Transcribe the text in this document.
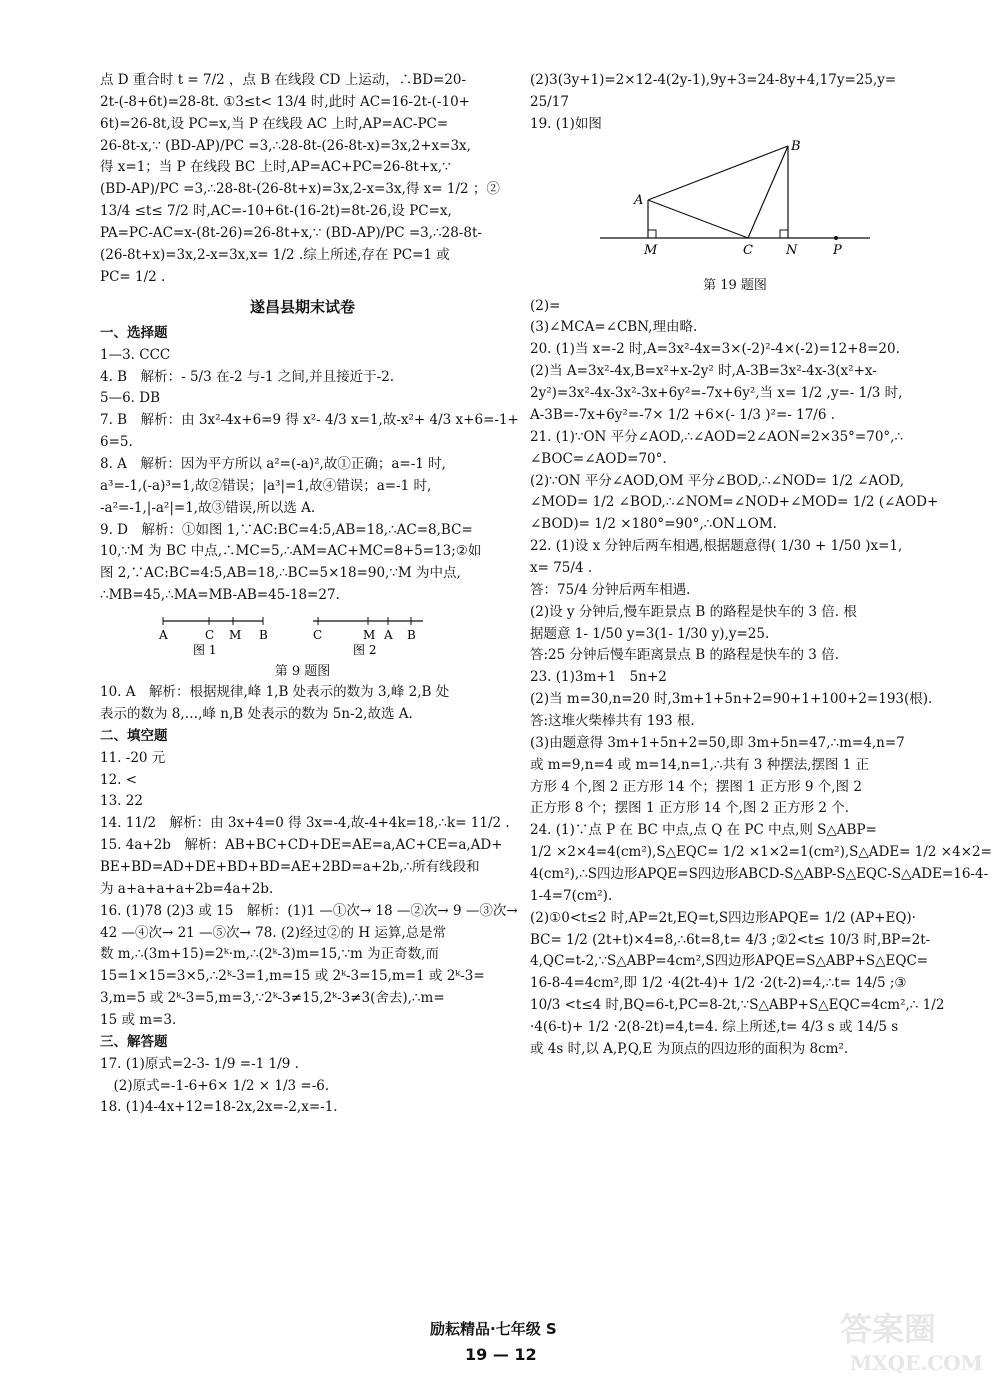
点 D 重合时 t = 7/2 ，点 B 在线段 CD 上运动，∴BD=20-
2t-(-8+6t)=28-8t. ①3≤t< 13/4 时,此时 AC=16-2t-(-10+
6t)=26-8t,设 PC=x,当 P 在线段 AC 上时,AP=AC-PC=
26-8t-x,∵ (BD-AP)/PC =3,∴28-8t-(26-8t-x)=3x,2+x=3x,
得 x=1；当 P 在线段 BC 上时,AP=AC+PC=26-8t+x,∵
(BD-AP)/PC =3,∴28-8t-(26-8t+x)=3x,2-x=3x,得 x= 1/2 ；②
13/4 ≤t≤ 7/2 时,AC=-10+6t-(16-2t)=8t-26,设 PC=x,
PA=PC-AC=x-(8t-26)=26-8t+x,∵ (BD-AP)/PC =3,∴28-8t-
(26-8t+x)=3x,2-x=3x,x= 1/2 .综上所述,存在 PC=1 或
PC= 1/2 .
遂昌县期末试卷
一、选择题
1—3. CCC
4. B　解析：- 5/3 在-2 与-1 之间,并且接近于-2.
5—6. DB
7. B　解析：由 3x²-4x+6=9 得 x²- 4/3 x=1,故-x²+ 4/3 x+6=-1+
6=5.
8. A　解析：因为平方所以 a²=(-a)²,故①正确；a=-1 时,
a³=-1,(-a)³=1,故②错误；|a³|=1,故④错误；a=-1 时,
-a²=-1,|-a²|=1,故③错误,所以选 A.
9. D　解析：①如图 1,∵AC:BC=4:5,AB=18,∴AC=8,BC=
10,∵M 为 BC 中点,∴MC=5,∴AM=AC+MC=8+5=13;②如
图 2,∵AC:BC=4:5,AB=18,∴BC=5×18=90,∵M 为中点,
∴MB=45,∴MA=MB-AB=45-18=27.
A	C M B
图 1
C	M A B
图 2
第 9 题图
10. A　解析：根据规律,峰 1,B 处表示的数为 3,峰 2,B 处
表示的数为 8,…,峰 n,B 处表示的数为 5n-2,故选 A.
二、填空题
11. -20 元
12. <
13. 22
14. 11/2　解析：由 3x+4=0 得 3x=-4,故-4+4k=18,∴k= 11/2 .
15. 4a+2b　解析：AB+BC+CD+DE=AE=a,AC+CE=a,AD+
BE+BD=AD+DE+BD+BD=AE+2BD=a+2b,∴所有线段和
为 a+a+a+a+2b=4a+2b.
16. (1)78 (2)3 或 15　解析：(1)1 —①次→ 18 —②次→ 9 —③次→
42 —④次→ 21 —⑤次→ 78. (2)经过②的 H 运算,总是常
数 m,∴(3m+15)=2ᵏ·m,∴(2ᵏ-3)m=15,∵m 为正奇数,而
15=1×15=3×5,∴2ᵏ-3=1,m=15 或 2ᵏ-3=15,m=1 或 2ᵏ-3=
3,m=5 或 2ᵏ-3=5,m=3,∵2ᵏ-3≠15,2ᵏ-3≠3(舍去),∴m=
15 或 m=3.
三、解答题
17. (1)原式=2-3- 1/9 =-1 1/9 .
　(2)原式=-1-6+6× 1/2 × 1/3 =-6.
18. (1)4-4x+12=18-2x,2x=-2,x=-1.
(2)3(3y+1)=2×12-4(2y-1),9y+3=24-8y+4,17y=25,y=
25/17
19. (1)如图
A
B
M	C	N	P
第 19 题图
(2)=
(3)∠MCA=∠CBN,理由略.
20. (1)当 x=-2 时,A=3x²-4x=3×(-2)²-4×(-2)=12+8=20.
(2)当 A=3x²-4x,B=x²+x-2y² 时,A-3B=3x²-4x-3(x²+x-
2y²)=3x²-4x-3x²-3x+6y²=-7x+6y²,当 x= 1/2 ,y=- 1/3 时,
A-3B=-7x+6y²=-7× 1/2 +6×(- 1/3 )²=- 17/6 .
21. (1)∵ON 平分∠AOD,∴∠AOD=2∠AON=2×35°=70°,∴
∠BOC=∠AOD=70°.
(2)∵ON 平分∠AOD,OM 平分∠BOD,∴∠NOD= 1/2 ∠AOD,
∠MOD= 1/2 ∠BOD,∴∠NOM=∠NOD+∠MOD= 1/2 (∠AOD+
∠BOD)= 1/2 ×180°=90°,∴ON⊥OM.
22. (1)设 x 分钟后两车相遇,根据题意得( 1/30 + 1/50 )x=1,
x= 75/4 .
答：75/4 分钟后两车相遇.
(2)设 y 分钟后,慢车距景点 B 的路程是快车的 3 倍. 根
据题意 1- 1/50 y=3(1- 1/30 y),y=25.
答:25 分钟后慢车距离景点 B 的路程是快车的 3 倍.
23. (1)3m+1　5n+2
(2)当 m=30,n=20 时,3m+1+5n+2=90+1+100+2=193(根).
答:这堆火柴棒共有 193 根.
(3)由题意得 3m+1+5n+2=50,即 3m+5n=47,∴m=4,n=7
或 m=9,n=4 或 m=14,n=1,∴共有 3 种摆法,摆图 1 正
方形 4 个,图 2 正方形 14 个；摆图 1 正方形 9 个,图 2
正方形 8 个；摆图 1 正方形 14 个,图 2 正方形 2 个.
24. (1)∵点 P 在 BC 中点,点 Q 在 PC 中点,则 S△ABP=
1/2 ×2×4=4(cm²),S△EQC= 1/2 ×1×2=1(cm²),S△ADE= 1/2 ×4×2=
4(cm²),∴S四边形APQE=S四边形ABCD-S△ABP-S△EQC-S△ADE=16-4-
1-4=7(cm²).
(2)①0<t≤2 时,AP=2t,EQ=t,S四边形APQE= 1/2 (AP+EQ)·
BC= 1/2 (2t+t)×4=8,∴6t=8,t= 4/3 ;②2<t≤ 10/3 时,BP=2t-
4,QC=t-2,∵S△ABP=4cm²,S四边形APQE=S△ABP+S△EQC=
16-8-4=4cm²,即 1/2 ·4(2t-4)+ 1/2 ·2(t-2)=4,∴t= 14/5 ;③
10/3 <t≤4 时,BQ=6-t,PC=8-2t,∵S△ABP+S△EQC=4cm²,∴ 1/2
·4(6-t)+ 1/2 ·2(8-2t)=4,t=4. 综上所述,t= 4/3 s 或 14/5 s
或 4s 时,以 A,P,Q,E 为顶点的四边形的面积为 8cm².
励耘精品·七年级 S
19 — 12
答案圈
MXQE.COM
